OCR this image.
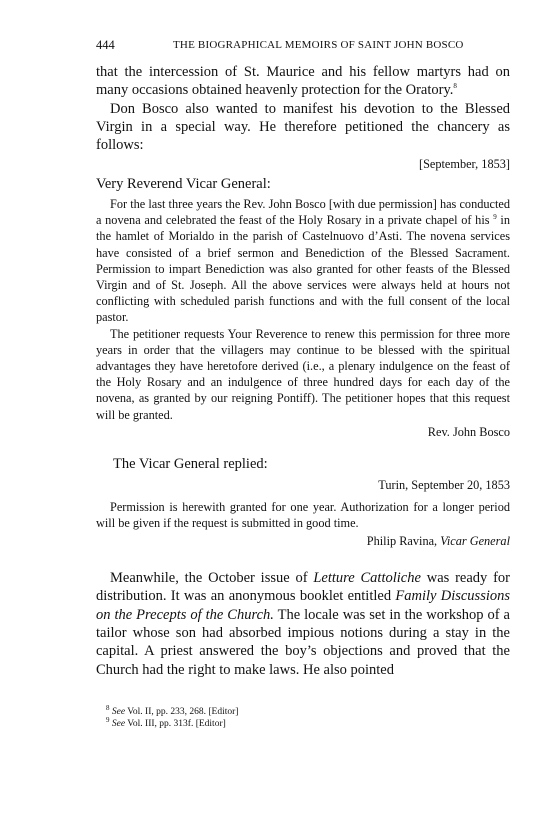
444	THE BIOGRAPHICAL MEMOIRS OF SAINT JOHN BOSCO

that the intercession of St. Maurice and his fellow martyrs had on many occasions obtained heavenly protection for the Oratory.$^8$

Don Bosco also wanted to manifest his devotion to the Blessed Virgin in a special way. He therefore petitioned the chancery as follows:

[September, 1853]

Very Reverend Vicar General:

For the last three years the Rev. John Bosco [with due permission] has conducted a novena and celebrated the feast of the Holy Rosary in a private chapel of his $^9$ in the hamlet of Morialdo in the parish of Castelnuovo d’Asti. The novena services have consisted of a brief sermon and Benediction of the Blessed Sacrament. Permission to impart Benediction was also granted for other feasts of the Blessed Virgin and of St. Joseph. All the above services were always held at hours not conflicting with scheduled parish functions and with the full consent of the local pastor.

The petitioner requests Your Reverence to renew this permission for three more years in order that the villagers may continue to be blessed with the spiritual advantages they have heretofore derived (i.e., a plenary indulgence on the feast of the Holy Rosary and an indulgence of three hundred days for each day of the novena, as granted by our reigning Pontiff). The petitioner hopes that this request will be granted.

Rev. John Bosco

The Vicar General replied:

Turin, September 20, 1853

Permission is herewith granted for one year. Authorization for a longer period will be given if the request is submitted in good time.

Philip Ravina, Vicar General

Meanwhile, the October issue of Letture Cattoliche was ready for distribution. It was an anonymous booklet entitled Family Discussions on the Precepts of the Church. The locale was set in the workshop of a tailor whose son had absorbed impious notions during a stay in the capital. A priest answered the boy’s objections and proved that the Church had the right to make laws. He also pointed

$^8$ See Vol. II, pp. 233, 268. [Editor]
$^9$ See Vol. III, pp. 313f. [Editor]
